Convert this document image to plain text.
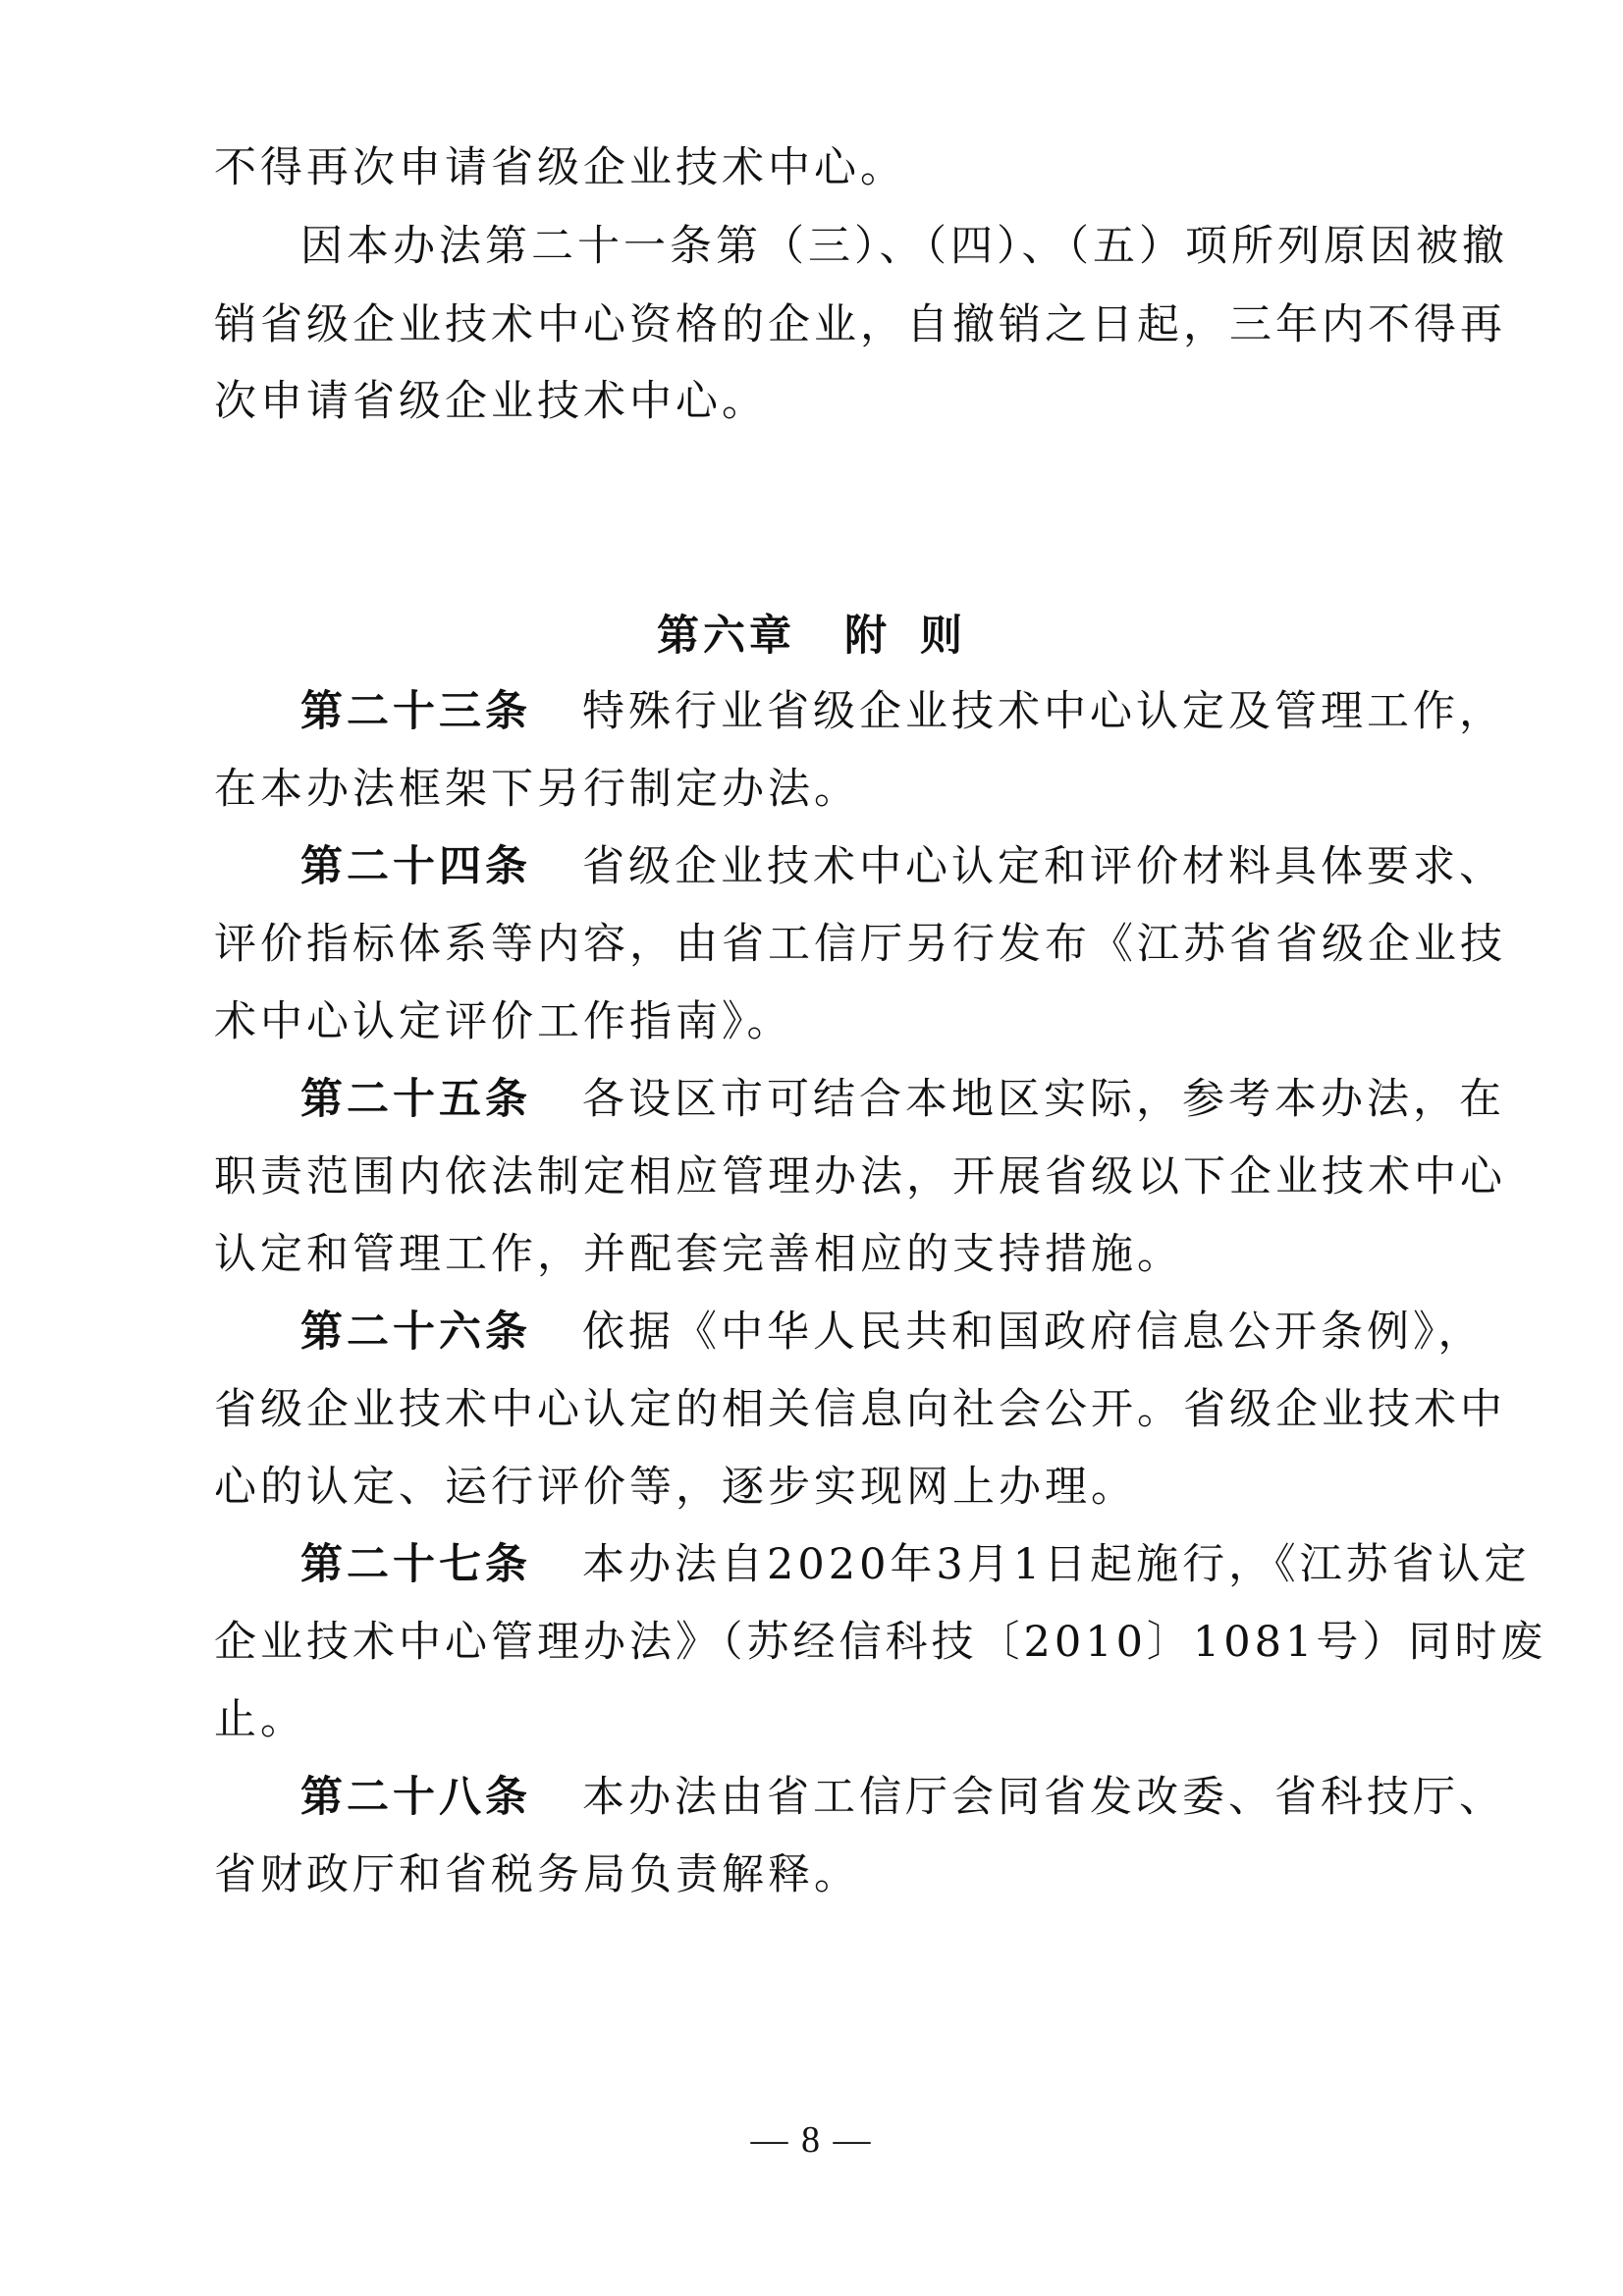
不得再次申请省级企业技术中心。
因本办法第二十一条第（三）、（四）、（五）项所列原因被撤
销省级企业技术中心资格的企业，自撤销之日起，三年内不得再
次申请省级企业技术中心。
第六章 附 则
第二十三条 特殊行业省级企业技术中心认定及管理工作，
在本办法框架下另行制定办法。
第二十四条 省级企业技术中心认定和评价材料具体要求、
评价指标体系等内容，由省工信厅另行发布《江苏省省级企业技
术中心认定评价工作指南》。
第二十五条 各设区市可结合本地区实际，参考本办法，在
职责范围内依法制定相应管理办法，开展省级以下企业技术中心
认定和管理工作，并配套完善相应的支持措施。
第二十六条 依据《中华人民共和国政府信息公开条例》，
省级企业技术中心认定的相关信息向社会公开。省级企业技术中
心的认定、运行评价等，逐步实现网上办理。
第二十七条 本办法自2020年3月1日起施行，《江苏省认定
企业技术中心管理办法》（苏经信科技〔2010〕1081号）同时废
止。
第二十八条 本办法由省工信厅会同省发改委、省科技厅、
省财政厅和省税务局负责解释。
— 8 —
